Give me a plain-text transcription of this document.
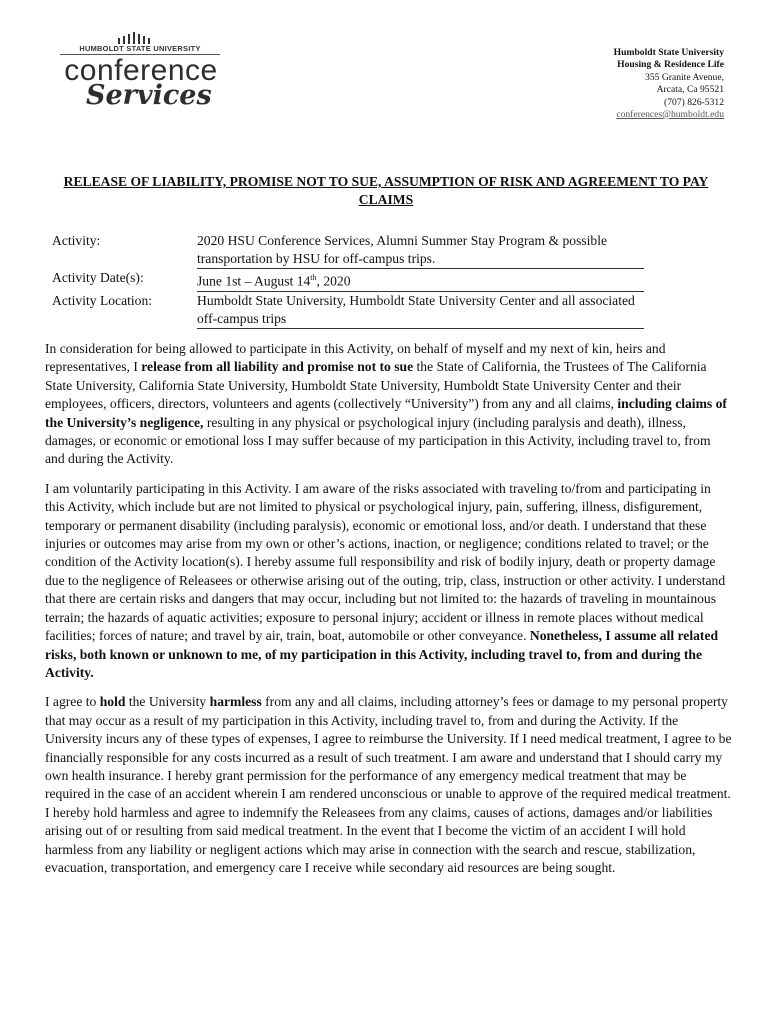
HUMBOLDT STATE UNIVERSITY
conference
Services
Humboldt State University
Housing & Residence Life
355 Granite Avenue,
Arcata, Ca 95521
(707) 826-5312
conferences@humboldt.edu
RELEASE OF LIABILITY, PROMISE NOT TO SUE, ASSUMPTION OF RISK AND AGREEMENT TO PAY CLAIMS
Activity:	2020 HSU Conference Services, Alumni Summer Stay Program & possible transportation by HSU for off-campus trips.
Activity Date(s):	June 1st – August 14th, 2020
Activity Location:	Humboldt State University, Humboldt State University Center and all associated off-campus trips

In consideration for being allowed to participate in this Activity, on behalf of myself and my next of kin, heirs and representatives, I release from all liability and promise not to sue the State of California, the Trustees of The California State University, California State University, Humboldt State University, Humboldt State University Center and their employees, officers, directors, volunteers and agents (collectively “University”) from any and all claims, including claims of the University’s negligence, resulting in any physical or psychological injury (including paralysis and death), illness, damages, or economic or emotional loss I may suffer because of my participation in this Activity, including travel to, from and during the Activity.

I am voluntarily participating in this Activity. I am aware of the risks associated with traveling to/from and participating in this Activity, which include but are not limited to physical or psychological injury, pain, suffering, illness, disfigurement, temporary or permanent disability (including paralysis), economic or emotional loss, and/or death. I understand that these injuries or outcomes may arise from my own or other’s actions, inaction, or negligence; conditions related to travel; or the condition of the Activity location(s). I hereby assume full responsibility and risk of bodily injury, death or property damage due to the negligence of Releasees or otherwise arising out of the outing, trip, class, instruction or other activity. I understand that there are certain risks and dangers that may occur, including but not limited to: the hazards of traveling in mountainous terrain; the hazards of aquatic activities; exposure to personal injury; accident or illness in remote places without medical facilities; forces of nature; and travel by air, train, boat, automobile or other conveyance. Nonetheless, I assume all related risks, both known or unknown to me, of my participation in this Activity, including travel to, from and during the Activity.

I agree to hold the University harmless from any and all claims, including attorney’s fees or damage to my personal property that may occur as a result of my participation in this Activity, including travel to, from and during the Activity. If the University incurs any of these types of expenses, I agree to reimburse the University. If I need medical treatment, I agree to be financially responsible for any costs incurred as a result of such treatment. I am aware and understand that I should carry my own health insurance. I hereby grant permission for the performance of any emergency medical treatment that may be required in the case of an accident wherein I am rendered unconscious or unable to approve of the required medical treatment. I hereby hold harmless and agree to indemnify the Releasees from any claims, causes of actions, damages and/or liabilities arising out of or resulting from said medical treatment. In the event that I become the victim of an accident I will hold harmless from any liability or negligent actions which may arise in connection with the search and rescue, stabilization, evacuation, transportation, and emergency care I receive while secondary aid resources are being sought.
